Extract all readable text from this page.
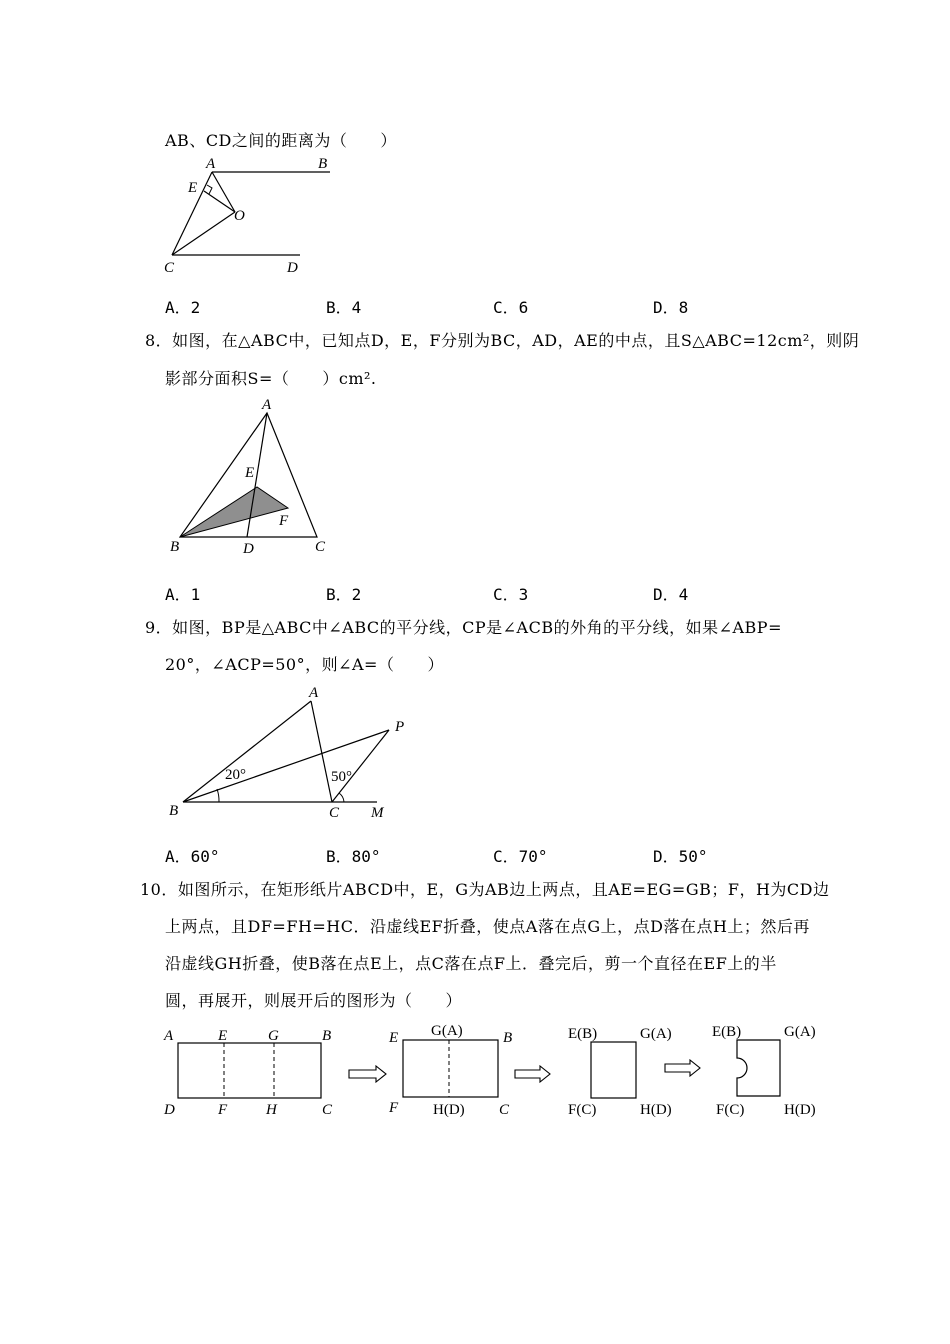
AB、CD之间的距离为（　　）
A	B
E
O
C	D
A．2	B．4	C．6	D．8
8．如图，在△ABC中，已知点D，E，F分别为BC，AD，AE的中点，且S△ABC=12cm²，则阴
影部分面积S=（　　）cm².
A
E
F
B	D	C
A．1	B．2	C．3	D．4
9．如图，BP是△ABC中∠ABC的平分线，CP是∠ACB的外角的平分线，如果∠ABP=
20°，∠ACP=50°，则∠A=（　　）
20°	50°
A
P
B	C M
A．60°	B．80°	C．70°	D．50°
10．如图所示，在矩形纸片ABCD中，E，G为AB边上两点，且AE=EG=GB；F，H为CD边
上两点，且DF=FH=HC．沿虚线EF折叠，使点A落在点G上，点D落在点H上；然后再
沿虚线GH折叠，使B落在点E上，点C落在点F上．叠完后，剪一个直径在EF上的半
圆，再展开，则展开后的图形为（　　）
A	E	G	B
D	F	H	C
E G(A)	B
F H(D) C
E(B)	G(A)
F(C)	H(D)
E(B)	G(A)
F(C)	H(D)
